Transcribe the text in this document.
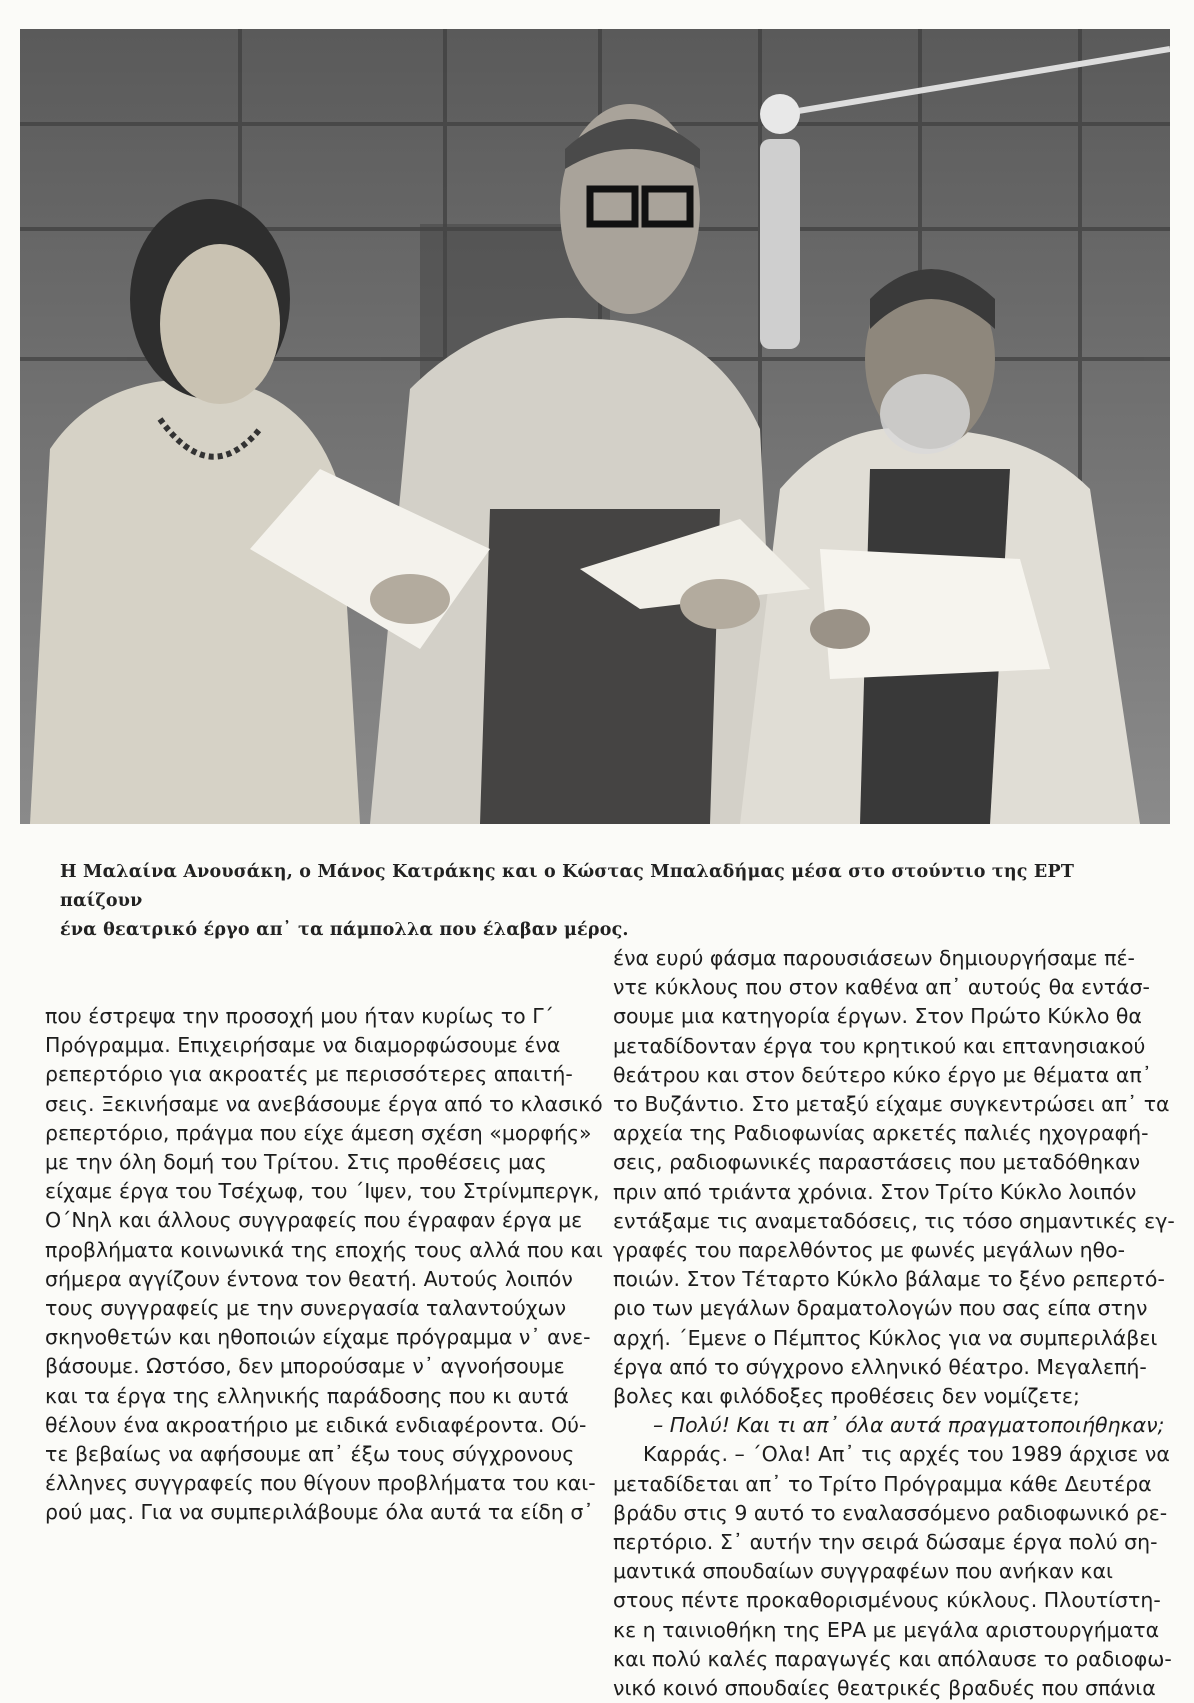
Η Μαλαίνα Ανουσάκη, ο Μάνος Κατράκης και ο Κώστας Μπαλαδήμας μέσα στο στούντιο της ΕΡΤ παίζουν
ένα θεατρικό έργο απ᾽ τα πάμπολλα που έλαβαν μέρος.
που έστρεψα την προσοχή μου ήταν κυρίως το Γ΄
Πρόγραμμα. Επιχειρήσαμε να διαμορφώσουμε ένα
ρεπερτόριο για ακροατές με περισσότερες απαιτή-
σεις. Ξεκινήσαμε να ανεβάσουμε έργα από το κλασικό
ρεπερτόριο, πράγμα που είχε άμεση σχέση «μορφής»
με την όλη δομή του Τρίτου. Στις προθέσεις μας
είχαμε έργα του Τσέχωφ, του ΄Ιψεν, του Στρίνμπεργκ,
Ο΄Νηλ και άλλους συγγραφείς που έγραφαν έργα με
προβλήματα κοινωνικά της εποχής τους αλλά που και
σήμερα αγγίζουν έντονα τον θεατή. Αυτούς λοιπόν
τους συγγραφείς με την συνεργασία ταλαντούχων
σκηνοθετών και ηθοποιών είχαμε πρόγραμμα ν᾽ ανε-
βάσουμε. Ωστόσο, δεν μπορούσαμε ν᾽ αγνοήσουμε
και τα έργα της ελληνικής παράδοσης που κι αυτά
θέλουν ένα ακροατήριο με ειδικά ενδιαφέροντα. Ού-
τε βεβαίως να αφήσουμε απ᾽ έξω τους σύγχρονους
έλληνες συγγραφείς που θίγουν προβλήματα του και-
ρού μας. Για να συμπεριλάβουμε όλα αυτά τα είδη σ᾽
ένα ευρύ φάσμα παρουσιάσεων δημιουργήσαμε πέ-
ντε κύκλους που στον καθένα απ᾽ αυτούς θα εντάσ-
σουμε μια κατηγορία έργων. Στον Πρώτο Κύκλο θα
μεταδίδονταν έργα του κρητικού και επτανησιακού
θεάτρου και στον δεύτερο κύκο έργο με θέματα απ᾽
το Βυζάντιο. Στο μεταξύ είχαμε συγκεντρώσει απ᾽ τα
αρχεία της Ραδιοφωνίας αρκετές παλιές ηχογραφή-
σεις, ραδιοφωνικές παραστάσεις που μεταδόθηκαν
πριν από τριάντα χρόνια. Στον Τρίτο Κύκλο λοιπόν
εντάξαμε τις αναμεταδόσεις, τις τόσο σημαντικές εγ-
γραφές του παρελθόντος με φωνές μεγάλων ηθο-
ποιών. Στον Τέταρτο Κύκλο βάλαμε το ξένο ρεπερτό-
ριο των μεγάλων δραματολογών που σας είπα στην
αρχή. ΄Εμενε ο Πέμπτος Κύκλος για να συμπεριλάβει
έργα από το σύγχρονο ελληνικό θέατρο. Μεγαλεπή-
βολες και φιλόδοξες προθέσεις δεν νομίζετε;
– Πολύ! Και τι απ᾽ όλα αυτά πραγματοποιήθηκαν;
Καρράς. – ΄Ολα! Απ᾽ τις αρχές του 1989 άρχισε να
μεταδίδεται απ᾽ το Τρίτο Πρόγραμμα κάθε Δευτέρα
βράδυ στις 9 αυτό το εναλασσόμενο ραδιοφωνικό ρε-
περτόριο. Σ᾽ αυτήν την σειρά δώσαμε έργα πολύ ση-
μαντικά σπουδαίων συγγραφέων που ανήκαν και
στους πέντε προκαθορισμένους κύκλους. Πλουτίστη-
κε η ταινιοθήκη της ΕΡΑ με μεγάλα αριστουργήματα
και πολύ καλές παραγωγές και απόλαυσε το ραδιοφω-
νικό κοινό σπουδαίες θεατρικές βραδυές που σπάνια
